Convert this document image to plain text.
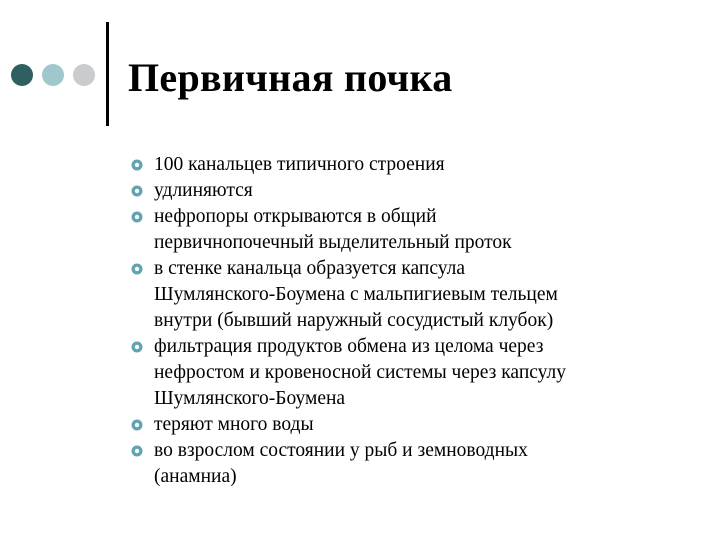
Первичная почка
100 канальцев типичного строения
удлиняются
нефропоры открываются в общий
первичнопочечный выделительный проток
в стенке канальца образуется капсула
Шумлянского-Боумена с мальпигиевым тельцем
внутри (бывший наружный сосудистый клубок)
фильтрация продуктов обмена из целома через
нефростом и кровеносной системы через капсулу
Шумлянского-Боумена
теряют много воды
во взрослом состоянии у рыб и земноводных
(анамниа)
